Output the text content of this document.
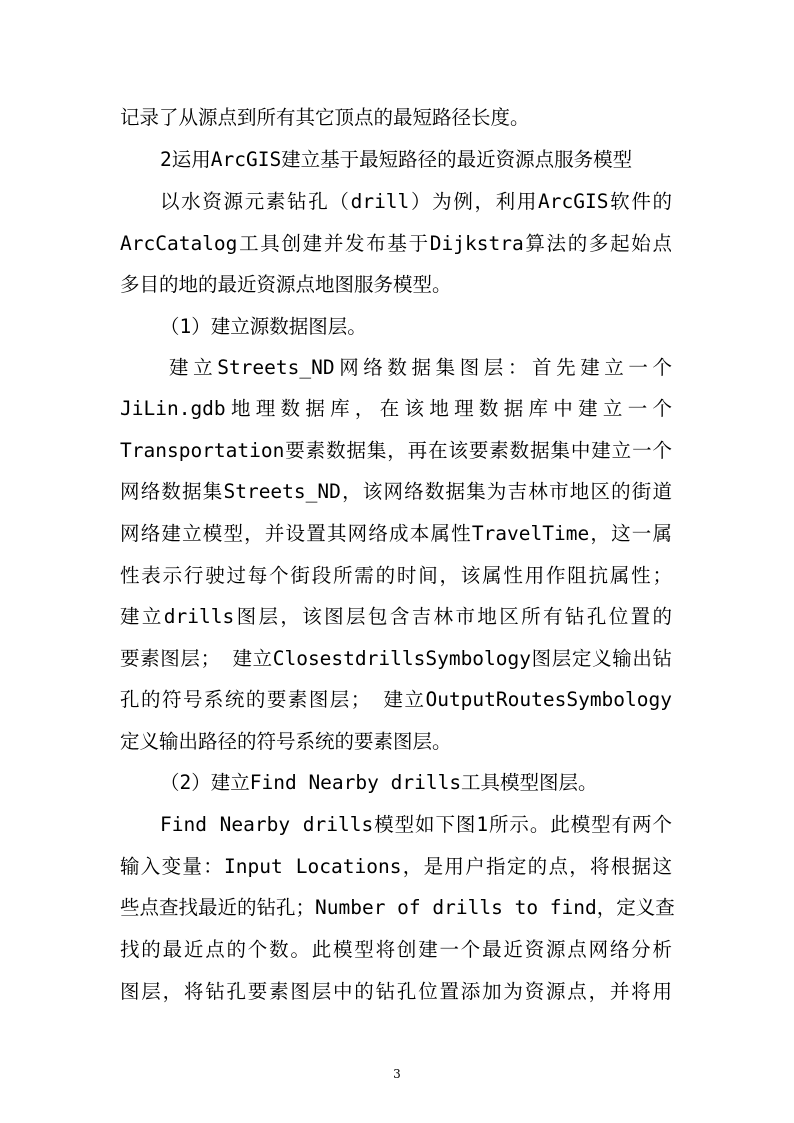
记录了从源点到所有其它顶点的最短路径长度。
2运用ArcGIS建立基于最短路径的最近资源点服务模型
以水资源元素钻孔（drill）为例，利用ArcGIS软件的
ArcCatalog工具创建并发布基于Dijkstra算法的多起始点
多目的地的最近资源点地图服务模型。
（1）建立源数据图层。
建立Streets_ND网络数据集图层：首先建立一个
JiLin.gdb地理数据库，在该地理数据库中建立一个
Transportation要素数据集，再在该要素数据集中建立一个
网络数据集Streets_ND，该网络数据集为吉林市地区的街道
网络建立模型，并设置其网络成本属性TravelTime，这一属
性表示行驶过每个街段所需的时间，该属性用作阻抗属性；
建立drills图层，该图层包含吉林市地区所有钻孔位置的
要素图层； 建立ClosestdrillsSymbology图层定义输出钻
孔的符号系统的要素图层； 建立OutputRoutesSymbology
定义输出路径的符号系统的要素图层。
（2）建立Find Nearby drills工具模型图层。
Find Nearby drills模型如下图1所示。此模型有两个
输入变量：Input Locations，是用户指定的点，将根据这
些点查找最近的钻孔；Number of drills to find，定义查
找的最近点的个数。此模型将创建一个最近资源点网络分析
图层，将钻孔要素图层中的钻孔位置添加为资源点，并将用
3
